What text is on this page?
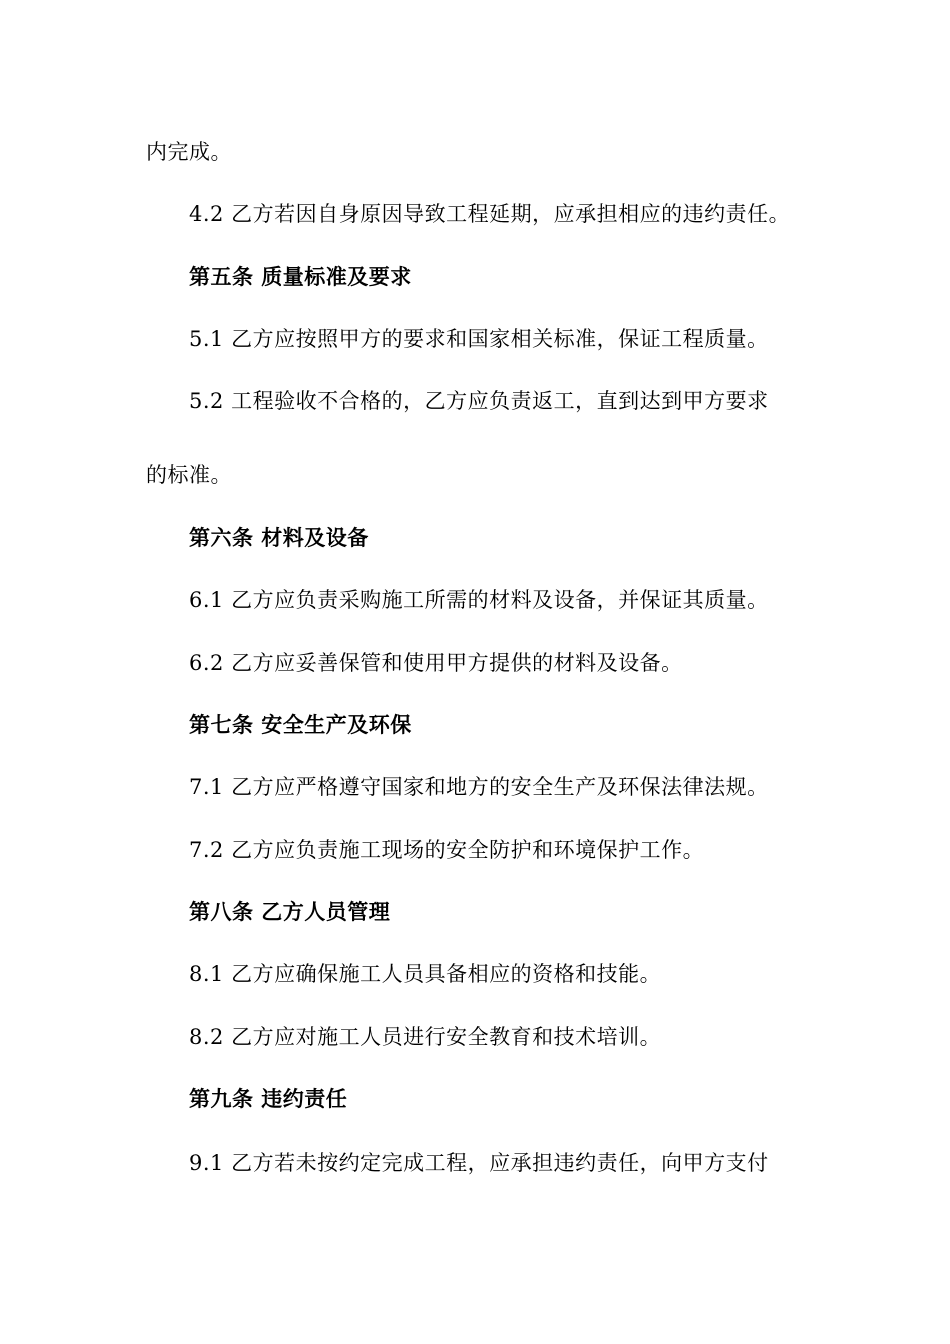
内完成。
4.2 乙方若因自身原因导致工程延期，应承担相应的违约责任。
第五条 质量标准及要求
5.1 乙方应按照甲方的要求和国家相关标准，保证工程质量。
5.2 工程验收不合格的，乙方应负责返工，直到达到甲方要求
的标准。
第六条 材料及设备
6.1 乙方应负责采购施工所需的材料及设备，并保证其质量。
6.2 乙方应妥善保管和使用甲方提供的材料及设备。
第七条 安全生产及环保
7.1 乙方应严格遵守国家和地方的安全生产及环保法律法规。
7.2 乙方应负责施工现场的安全防护和环境保护工作。
第八条 乙方人员管理
8.1 乙方应确保施工人员具备相应的资格和技能。
8.2 乙方应对施工人员进行安全教育和技术培训。
第九条 违约责任
9.1 乙方若未按约定完成工程，应承担违约责任，向甲方支付
